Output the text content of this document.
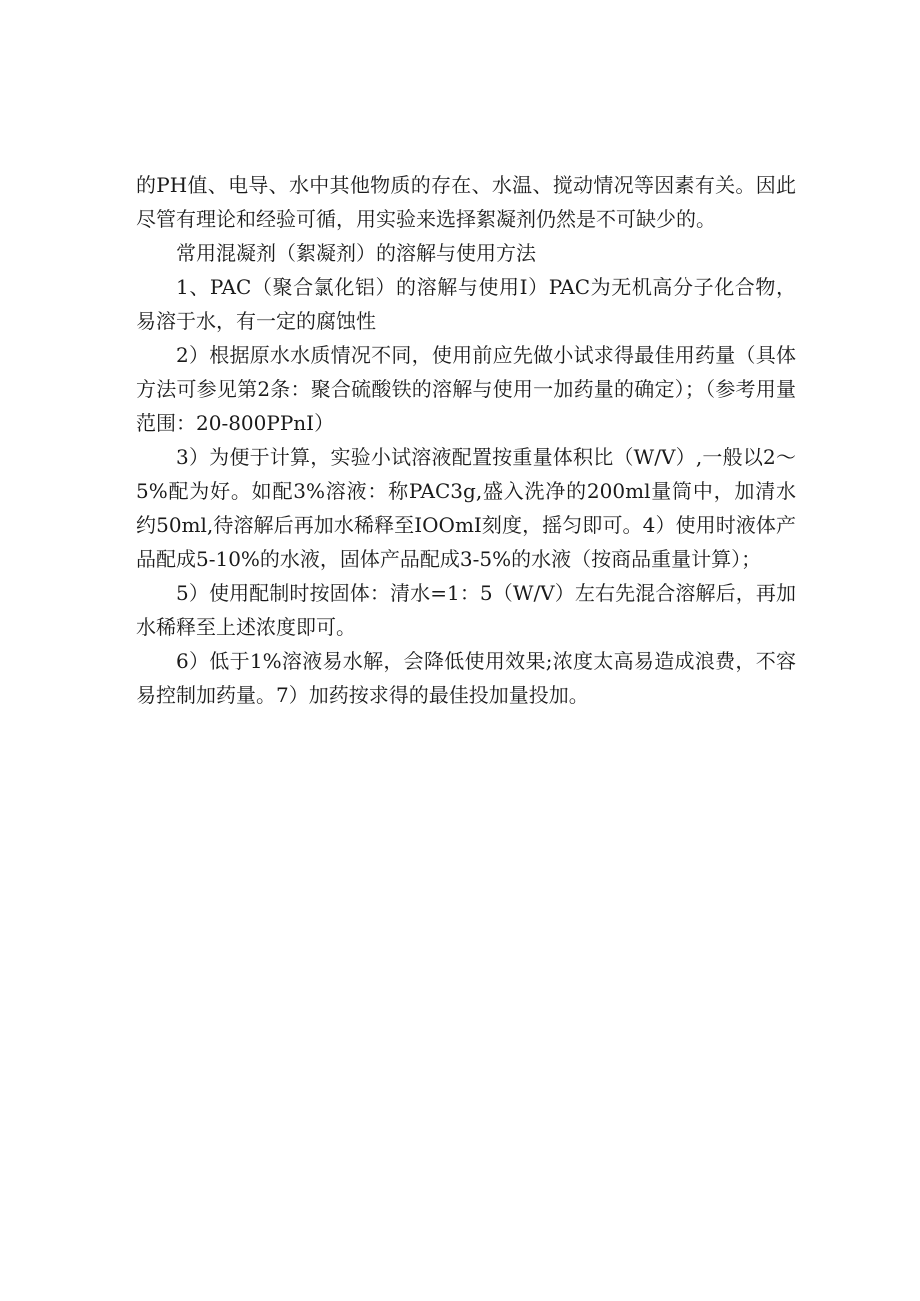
的PH值、电导、水中其他物质的存在、水温、搅动情况等因素有关。因此尽管有理论和经验可循，用实验来选择絮凝剂仍然是不可缺少的。

常用混凝剂（絮凝剂）的溶解与使用方法

1、PAC（聚合氯化铝）的溶解与使用I）PAC为无机高分子化合物，易溶于水，有一定的腐蚀性

2）根据原水水质情况不同，使用前应先做小试求得最佳用药量（具体方法可参见第2条：聚合硫酸铁的溶解与使用一加药量的确定）；（参考用量范围：20-800PPnI）

3）为便于计算，实验小试溶液配置按重量体积比（W/V）,一般以2～5%配为好。如配3%溶液：称PAC3g,盛入洗净的200ml量筒中，加清水约50ml,待溶解后再加水稀释至IOOmI刻度，摇匀即可。4）使用时液体产品配成5-10%的水液，固体产品配成3-5%的水液（按商品重量计算）；

5）使用配制时按固体：清水=1：5（W/V）左右先混合溶解后，再加水稀释至上述浓度即可。

6）低于1%溶液易水解，会降低使用效果;浓度太高易造成浪费，不容易控制加药量。7）加药按求得的最佳投加量投加。
